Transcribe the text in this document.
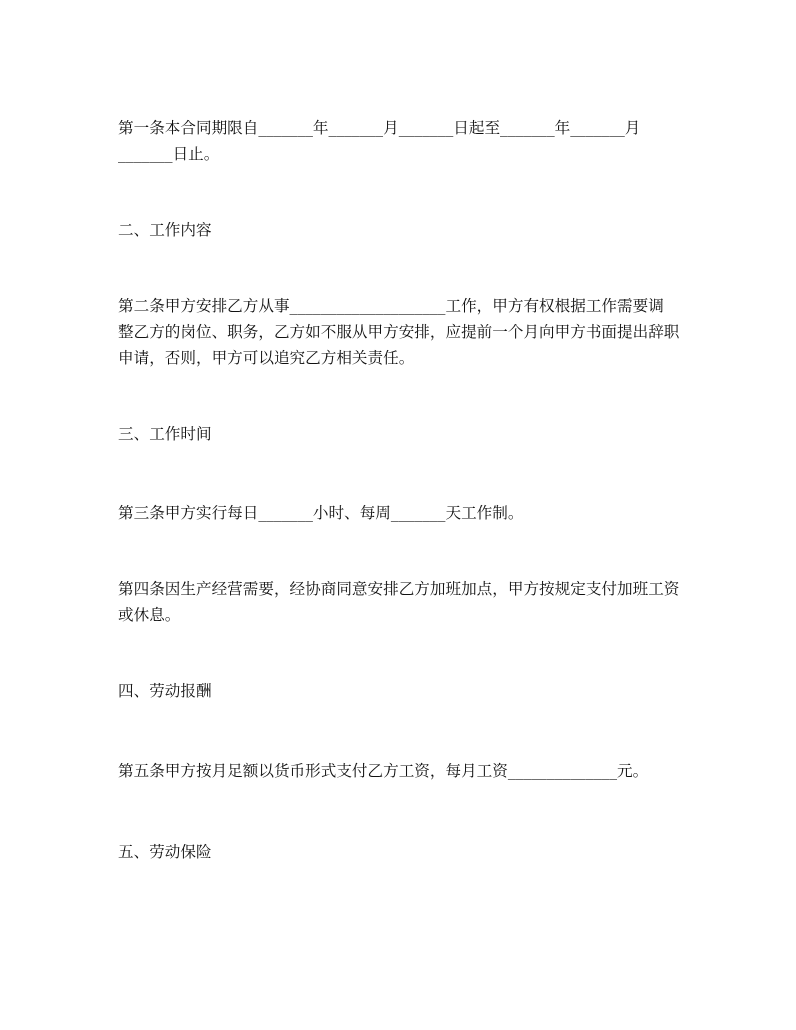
第一条本合同期限自_______年_______月_______日起至_______年_______月
_______日止。
二、工作内容
第二条甲方安排乙方从事____________________工作，甲方有权根据工作需要调
整乙方的岗位、职务，乙方如不服从甲方安排，应提前一个月向甲方书面提出辞职
申请，否则，甲方可以追究乙方相关责任。
三、工作时间
第三条甲方实行每日_______小时、每周_______天工作制。
第四条因生产经营需要，经协商同意安排乙方加班加点，甲方按规定支付加班工资
或休息。
四、劳动报酬
第五条甲方按月足额以货币形式支付乙方工资，每月工资______________元。
五、劳动保险
